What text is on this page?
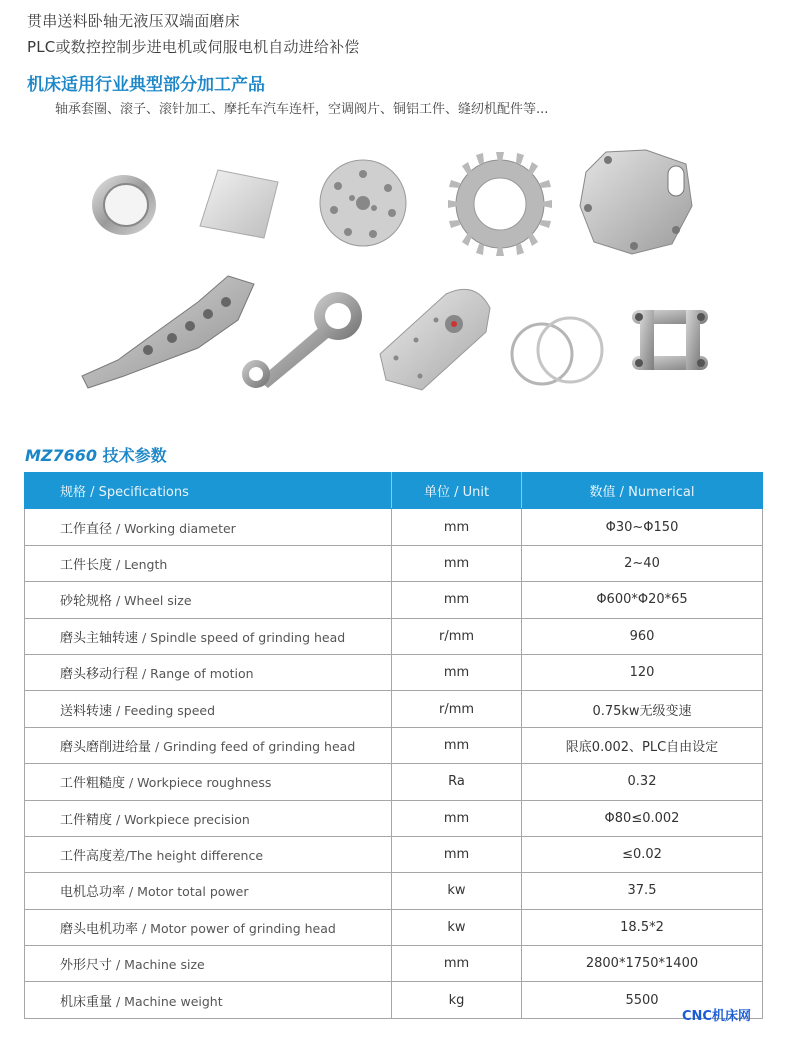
贯串送料卧轴无液压双端面磨床
PLC或数控控制步进电机或伺服电机自动进给补偿
机床适用行业典型部分加工产品
轴承套圈、滚子、滚针加工、摩托车汽车连杆，空调阀片、铜铝工件、缝纫机配件等...
MZ7660 技术参数
规格 / Specifications	单位 / Unit	数值 / Numerical
工作直径 / Working diameter	mm	Φ30~Φ150
工件长度 / Length	mm	2~40
砂轮规格 / Wheel size	mm	Φ600*Φ20*65
磨头主轴转速 / Spindle speed of grinding head	r/mm	960
磨头移动行程 / Range of motion	mm	120
送料转速 / Feeding speed	r/mm	0.75kw无级变速
磨头磨削进给量 / Grinding feed of grinding head	mm	限底0.002、PLC自由设定
工件粗糙度 / Workpiece roughness	Ra	0.32
工件精度 / Workpiece precision	mm	Φ80≤0.002
工件高度差/The height difference	mm	≤0.02
电机总功率 / Motor total power	kw	37.5
磨头电机功率 / Motor power of grinding head	kw	18.5*2
外形尺寸 / Machine size	mm	2800*1750*1400
机床重量 / Machine weight	kg	5500
CNC机床网
